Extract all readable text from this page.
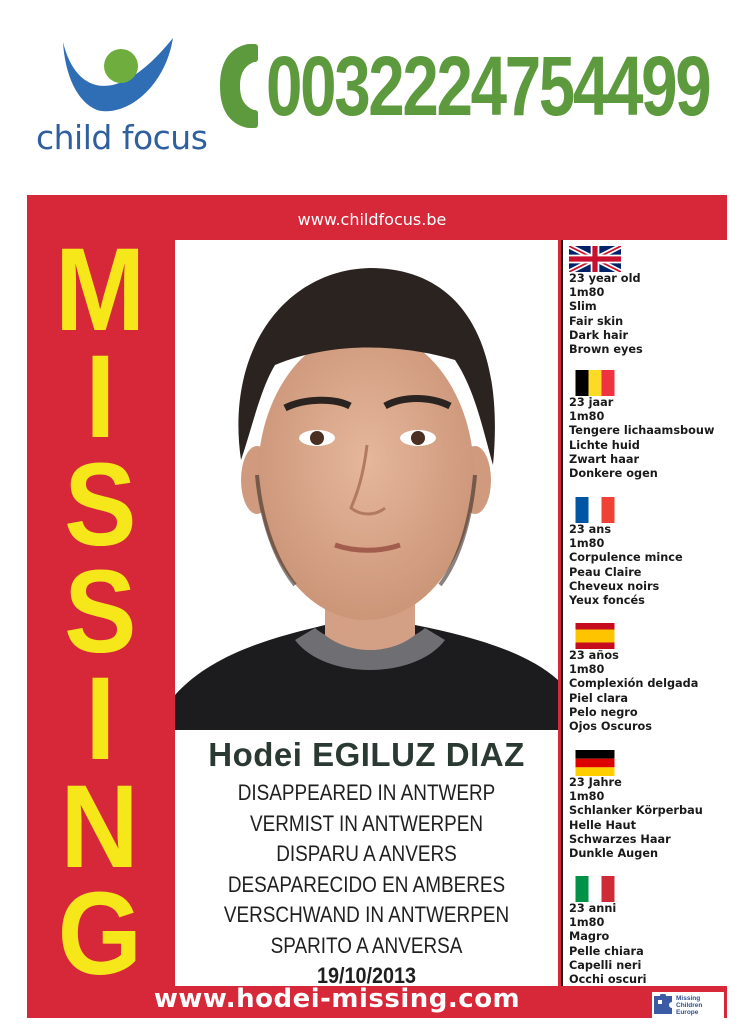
child focus
0032224754499
www.childfocus.be
M
I
S
S
I
N
G
Hodei EGILUZ DIAZ
DISAPPEARED IN ANTWERP
VERMIST IN ANTWERPEN
DISPARU A ANVERS
DESAPARECIDO EN AMBERES
VERSCHWAND IN ANTWERPEN
SPARITO A ANVERSA
19/10/2013
23 year old
1m80
Slim
Fair skin
Dark hair
Brown eyes
23 jaar
1m80
Tengere lichaamsbouw
Lichte huid
Zwart haar
Donkere ogen
23 ans
1m80
Corpulence mince
Peau Claire
Cheveux noirs
Yeux foncés
23 años
1m80
Complexión delgada
Piel clara
Pelo negro
Ojos Oscuros
23 Jahre
1m80
Schlanker Körperbau
Helle Haut
Schwarzes Haar
Dunkle Augen
23 anni
1m80
Magro
Pelle chiara
Capelli neri
Occhi oscuri
www.hodei-missing.com	Missing
Children
Europe
